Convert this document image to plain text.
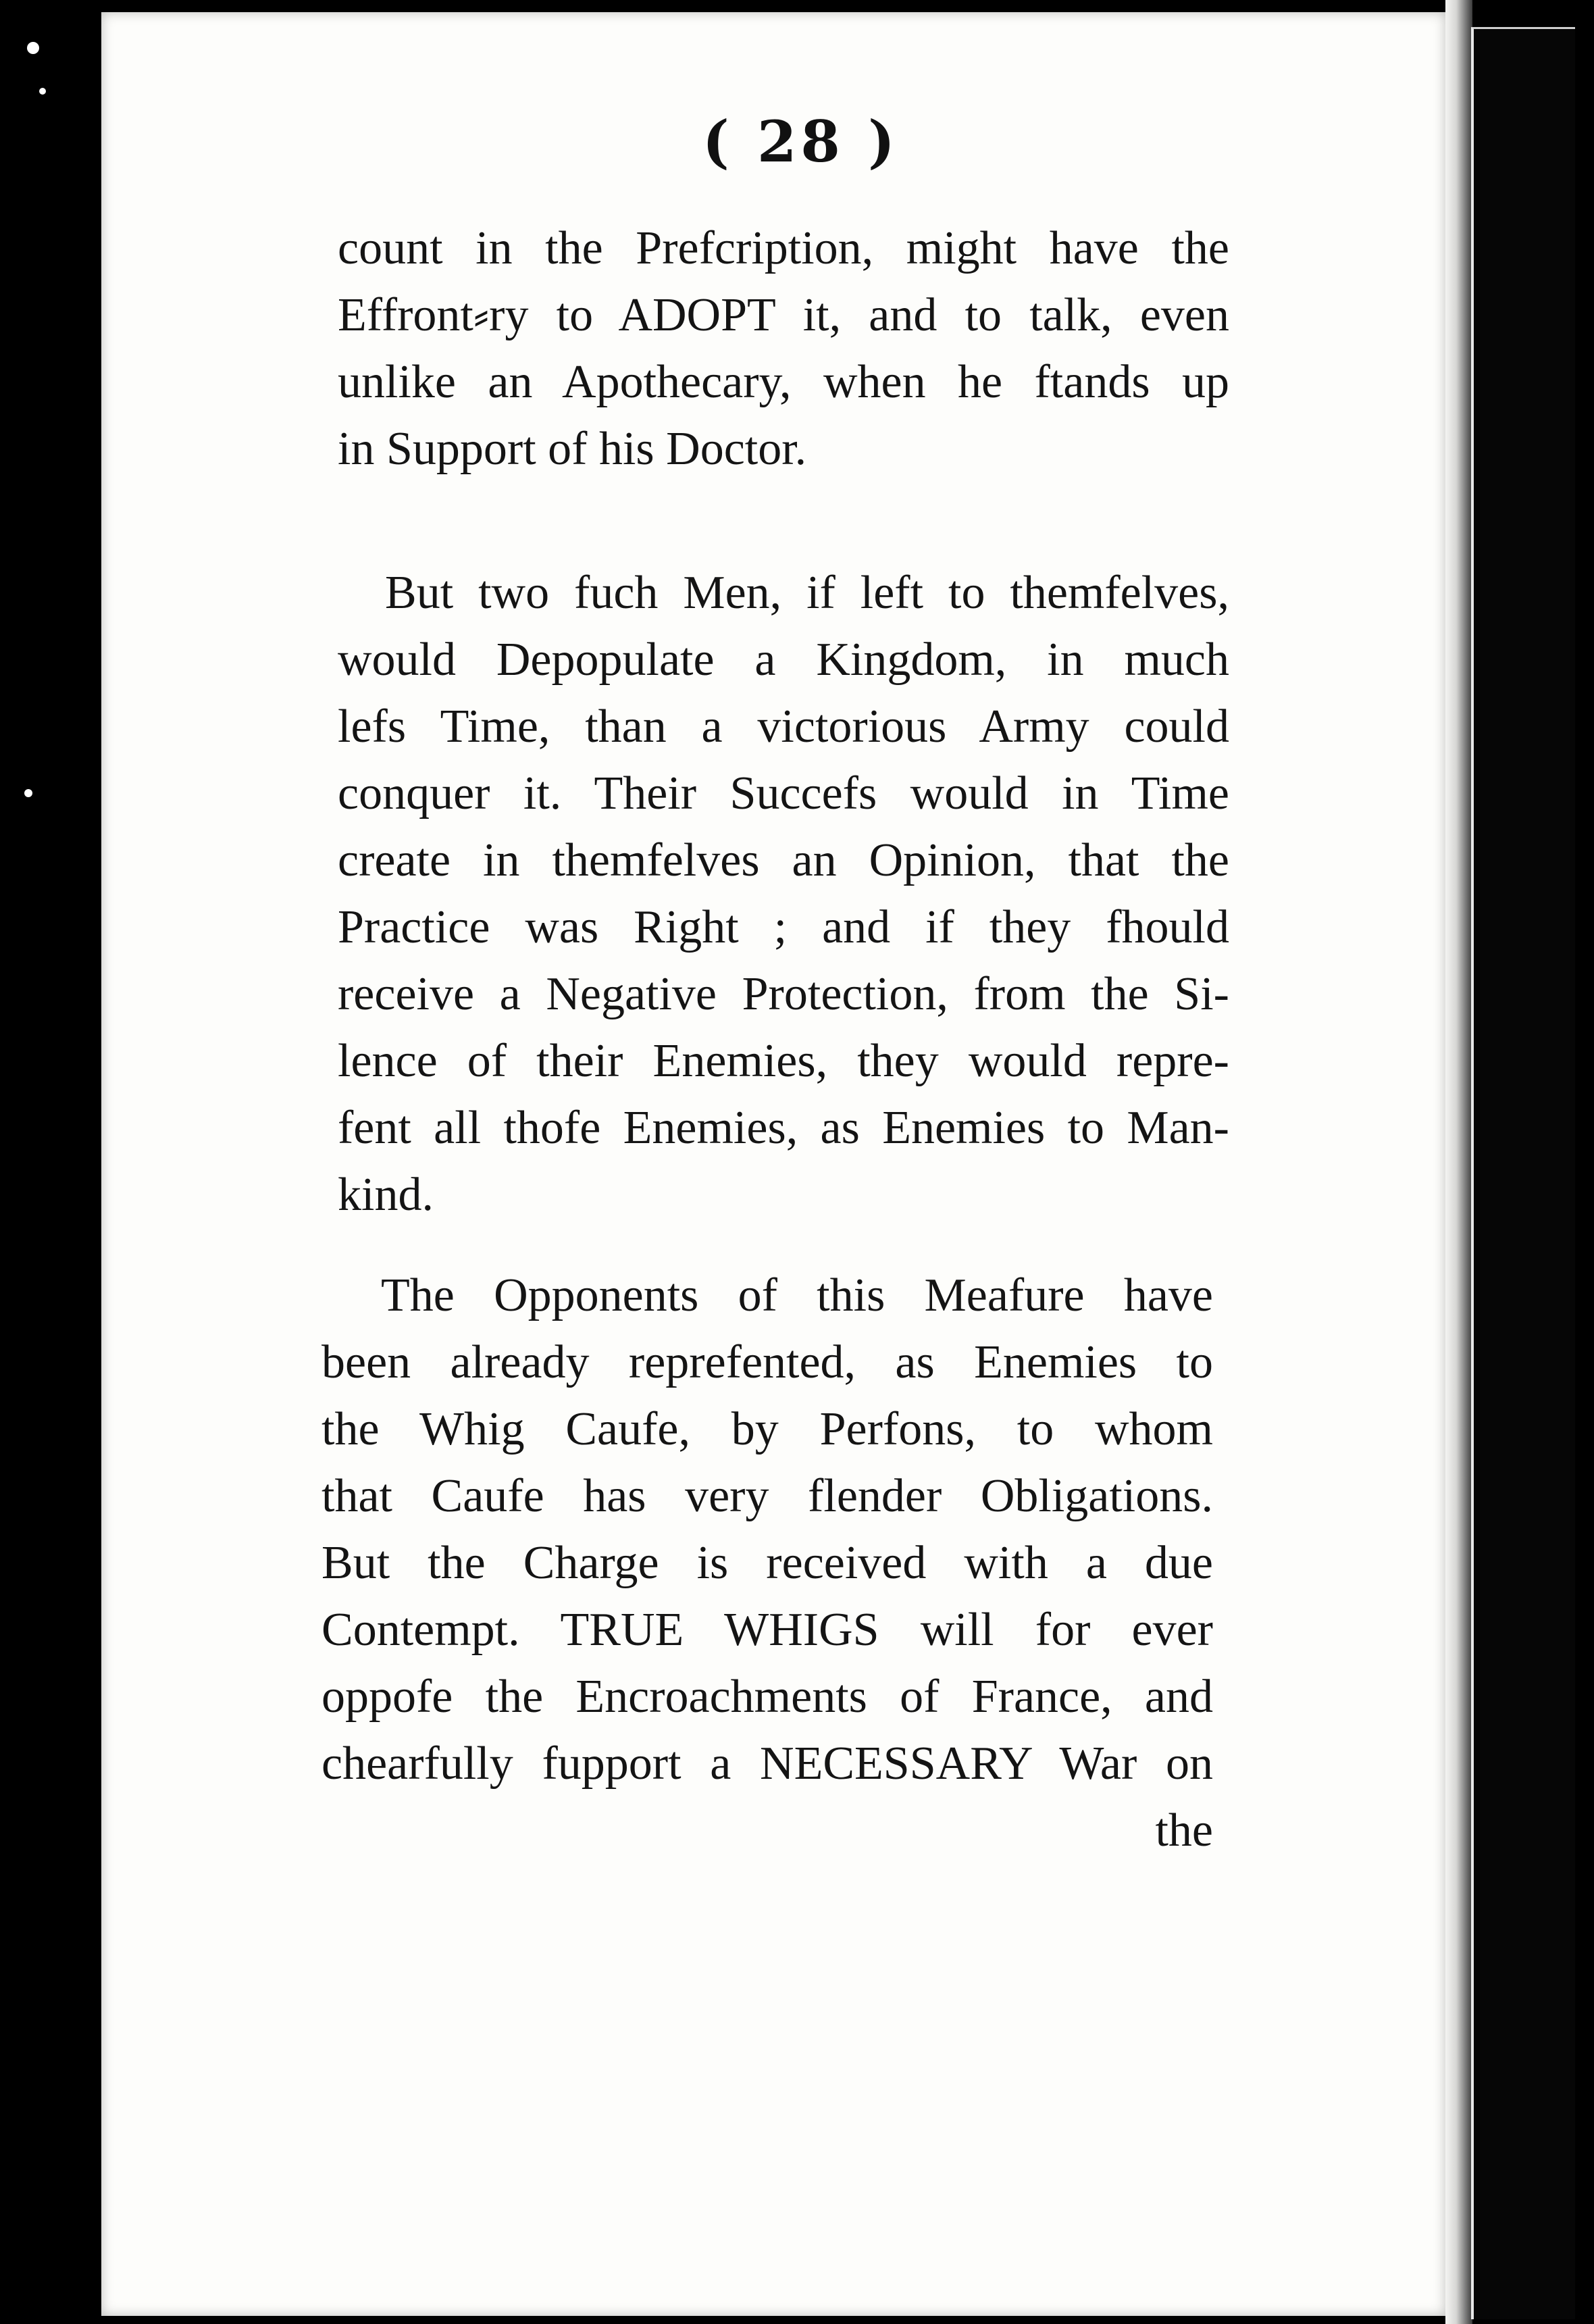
( 28 )
count in the Prefcription, might have the
Effront⸗ry to ADOPT it, and to talk, even
unlike an Apothecary, when he ftands up
in Support of his Doctor.
But two fuch Men, if left to themfelves,
would Depopulate a Kingdom, in much
lefs Time, than a victorious Army could
conquer it. Their Succefs would in Time
create in themfelves an Opinion, that the
Practice was Right ; and if they fhould
receive a Negative Protection, from the Si-
lence of their Enemies, they would repre-
fent all thofe Enemies, as Enemies to Man-
kind.
The Opponents of this Meafure have
been already reprefented, as Enemies to
the Whig Caufe, by Perfons, to whom
that Caufe has very flender Obligations.
But the Charge is received with a due
Contempt. TRUE WHIGS will for ever
oppofe the Encroachments of France, and
chearfully fupport a NECESSARY War on
the
